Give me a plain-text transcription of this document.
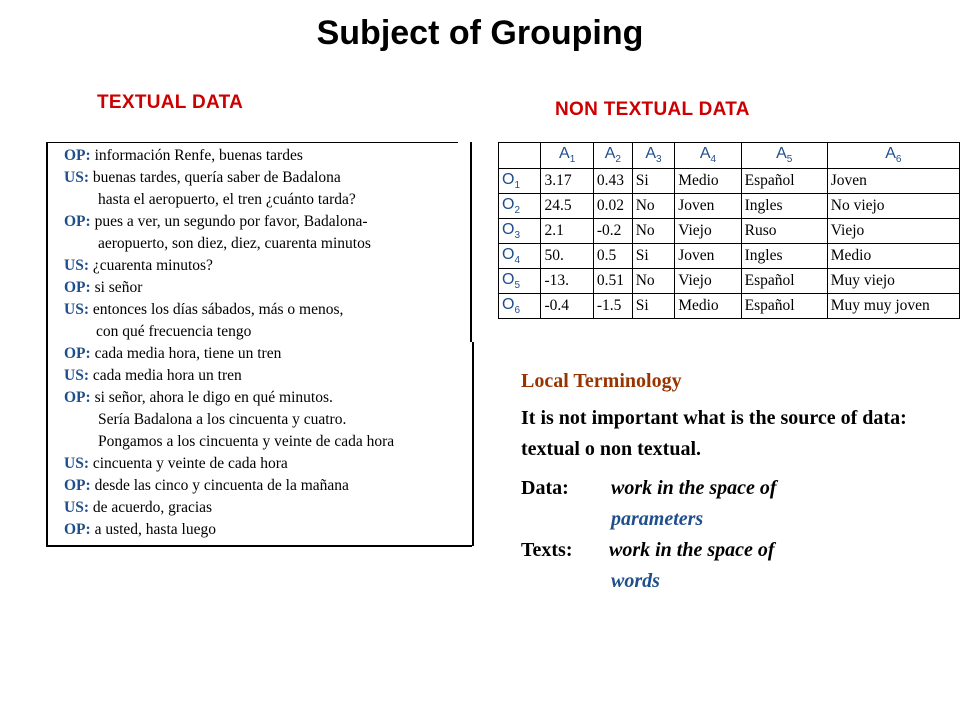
Subject of Grouping
TEXTUAL DATA	NON TEXTUAL DATA
OP: información Renfe, buenas tardes
US: buenas tardes, quería saber de Badalona
hasta el aeropuerto, el tren ¿cuánto tarda?
OP: pues a ver, un segundo por favor, Badalona-
aeropuerto, son diez, diez, cuarenta minutos
US: ¿cuarenta minutos?
OP: si señor
US: entonces los días sábados, más o menos,
con qué frecuencia tengo
OP: cada media hora, tiene un tren
US: cada media hora un tren
OP: si señor, ahora le digo en qué minutos.
Sería Badalona a los cincuenta y cuatro.
Pongamos a los cincuenta y veinte de cada hora
US: cincuenta y veinte de cada hora
OP: desde las cinco y cincuenta de la mañana
US: de acuerdo, gracias
OP: a usted, hasta luego
	$A_1$	$A_2$	$A_3$	$A_4$	$A_5$	$A_6$
$O_1$	3.17	0.43	Si	Medio	Español	Joven
$O_2$	24.5	0.02	No	Joven	Ingles	No viejo
$O_3$	2.1	-0.2	No	Viejo	Ruso	Viejo
$O_4$	50.	0.5	Si	Joven	Ingles	Medio
$O_5$	-13.	0.51	No	Viejo	Español	Muy viejo
$O_6$	-0.4	-1.5	Si	Medio	Español	Muy muy joven
Local Terminology
It is not important what is the source of data: textual o non textual.
Data: work in the space of
parameters
Texts: work in the space of
words
